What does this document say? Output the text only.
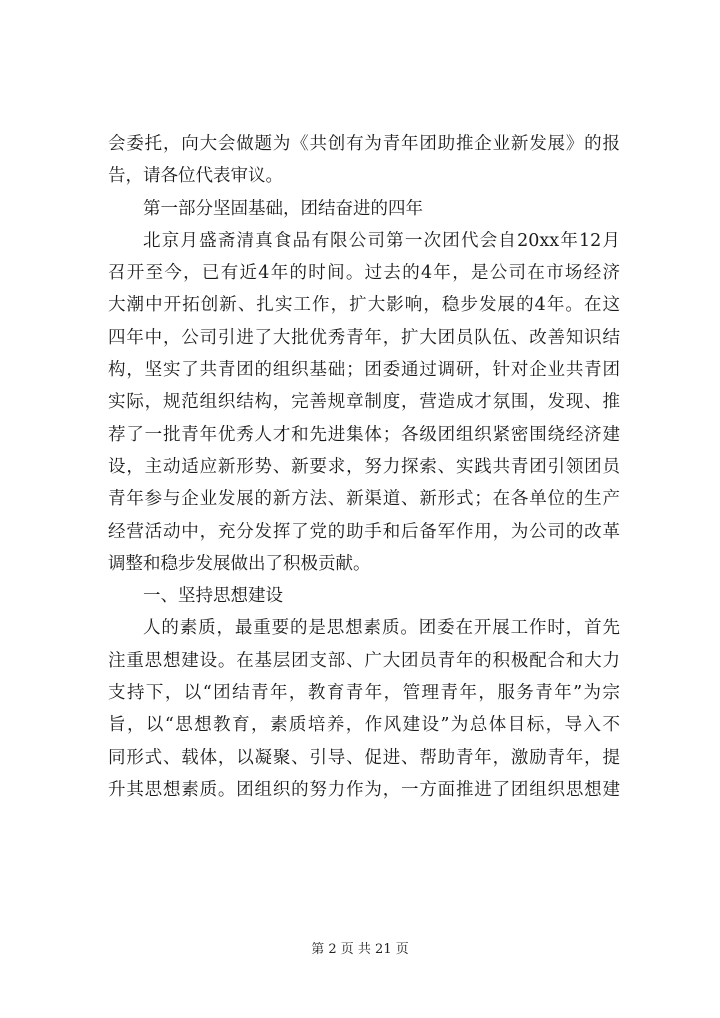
会委托，向大会做题为《共创有为青年团助推企业新发展》的报
告，请各位代表审议。
第一部分坚固基础，团结奋进的四年
北京月盛斋清真食品有限公司第一次团代会自20xx年12月
召开至今，已有近4年的时间。过去的4年，是公司在市场经济
大潮中开拓创新、扎实工作，扩大影响，稳步发展的4年。在这
四年中，公司引进了大批优秀青年，扩大团员队伍、改善知识结
构，坚实了共青团的组织基础；团委通过调研，针对企业共青团
实际，规范组织结构，完善规章制度，营造成才氛围，发现、推
荐了一批青年优秀人才和先进集体；各级团组织紧密围绕经济建
设，主动适应新形势、新要求，努力探索、实践共青团引领团员
青年参与企业发展的新方法、新渠道、新形式；在各单位的生产
经营活动中，充分发挥了党的助手和后备军作用，为公司的改革
调整和稳步发展做出了积极贡献。
一、坚持思想建设
人的素质，最重要的是思想素质。团委在开展工作时，首先
注重思想建设。在基层团支部、广大团员青年的积极配合和大力
支持下，以“团结青年，教育青年，管理青年，服务青年”为宗
旨，以“思想教育，素质培养，作风建设”为总体目标，导入不
同形式、载体，以凝聚、引导、促进、帮助青年，激励青年，提
升其思想素质。团组织的努力作为，一方面推进了团组织思想建
第 2 页 共 21 页
